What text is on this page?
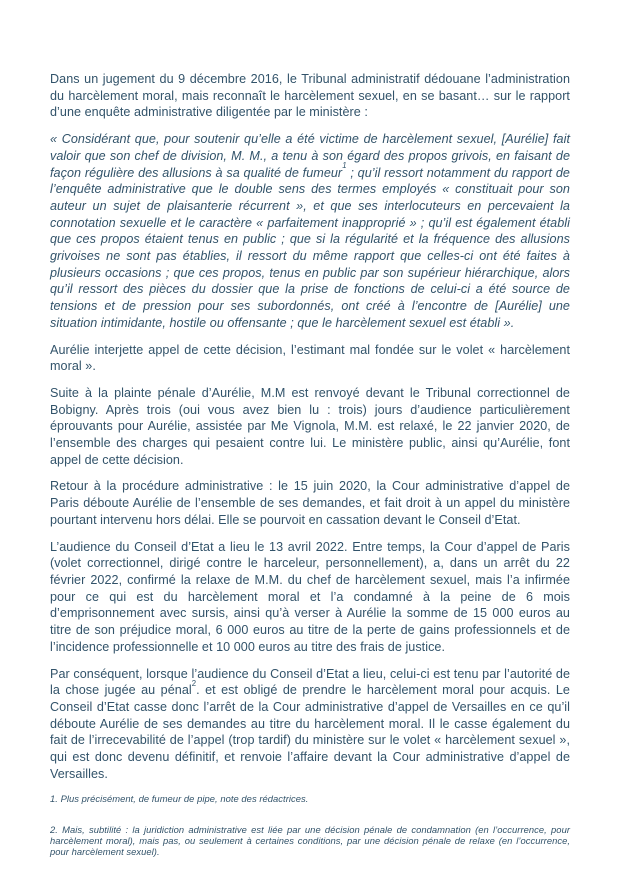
Dans un jugement du 9 décembre 2016, le Tribunal administratif dédouane l’administration du harcèlement moral, mais reconnaît le harcèlement sexuel, en se basant… sur le rapport d’une enquête administrative diligentée par le ministère :

« Considérant que, pour soutenir qu’elle a été victime de harcèlement sexuel, [Aurélie] fait valoir que son chef de division, M. M., a tenu à son égard des propos grivois, en faisant de façon régulière des allusions à sa qualité de fumeur$^1$ ; qu’il ressort notamment du rapport de l’enquête administrative que le double sens des termes employés « constituait pour son auteur un sujet de plaisanterie récurrent », et que ses interlocuteurs en percevaient la connotation sexuelle et le caractère « parfaitement inapproprié » ; qu’il est également établi que ces propos étaient tenus en public ; que si la régularité et la fréquence des allusions grivoises ne sont pas établies, il ressort du même rapport que celles-ci ont été faites à plusieurs occasions ; que ces propos, tenus en public par son supérieur hiérarchique, alors qu’il ressort des pièces du dossier que la prise de fonctions de celui-ci a été source de tensions et de pression pour ses subordonnés, ont créé à l’encontre de [Aurélie] une situation intimidante, hostile ou offensante ; que le harcèlement sexuel est établi ».

Aurélie interjette appel de cette décision, l’estimant mal fondée sur le volet « harcèlement moral ».

Suite à la plainte pénale d’Aurélie, M.M est renvoyé devant le Tribunal correctionnel de Bobigny. Après trois (oui vous avez bien lu : trois) jours d’audience particulièrement éprouvants pour Aurélie, assistée par Me Vignola, M.M. est relaxé, le 22 janvier 2020, de l’ensemble des charges qui pesaient contre lui. Le ministère public, ainsi qu’Aurélie, font appel de cette décision.

Retour à la procédure administrative : le 15 juin 2020, la Cour administrative d’appel de Paris déboute Aurélie de l’ensemble de ses demandes, et fait droit à un appel du ministère pourtant intervenu hors délai. Elle se pourvoit en cassation devant le Conseil d’Etat.

L’audience du Conseil d’Etat a lieu le 13 avril 2022. Entre temps, la Cour d’appel de Paris (volet correctionnel, dirigé contre le harceleur, personnellement), a, dans un arrêt du 22 février 2022, confirmé la relaxe de M.M. du chef de harcèlement sexuel, mais l’a infirmée pour ce qui est du harcèlement moral et l’a condamné à la peine de 6 mois d’emprisonnement avec sursis, ainsi qu’à verser à Aurélie la somme de 15 000 euros au titre de son préjudice moral, 6 000 euros au titre de la perte de gains professionnels et de l’incidence professionnelle et 10 000 euros au titre des frais de justice.

Par conséquent, lorsque l’audience du Conseil d’Etat a lieu, celui-ci est tenu par l’autorité de la chose jugée au pénal$^2$. et est obligé de prendre le harcèlement moral pour acquis. Le Conseil d’Etat casse donc l’arrêt de la Cour administrative d’appel de Versailles en ce qu’il déboute Aurélie de ses demandes au titre du harcèlement moral. Il le casse également du fait de l’irrecevabilité de l’appel (trop tardif) du ministère sur le volet « harcèlement sexuel », qui est donc devenu définitif, et renvoie l’affaire devant la Cour administrative d’appel de Versailles.

1. Plus précisément, de fumeur de pipe, note des rédactrices.

2. Mais, subtilité : la juridiction administrative est liée par une décision pénale de condamnation (en l’occurrence, pour harcèlement moral), mais pas, ou seulement à certaines conditions, par une décision pénale de relaxe (en l’occurrence, pour harcèlement sexuel).
